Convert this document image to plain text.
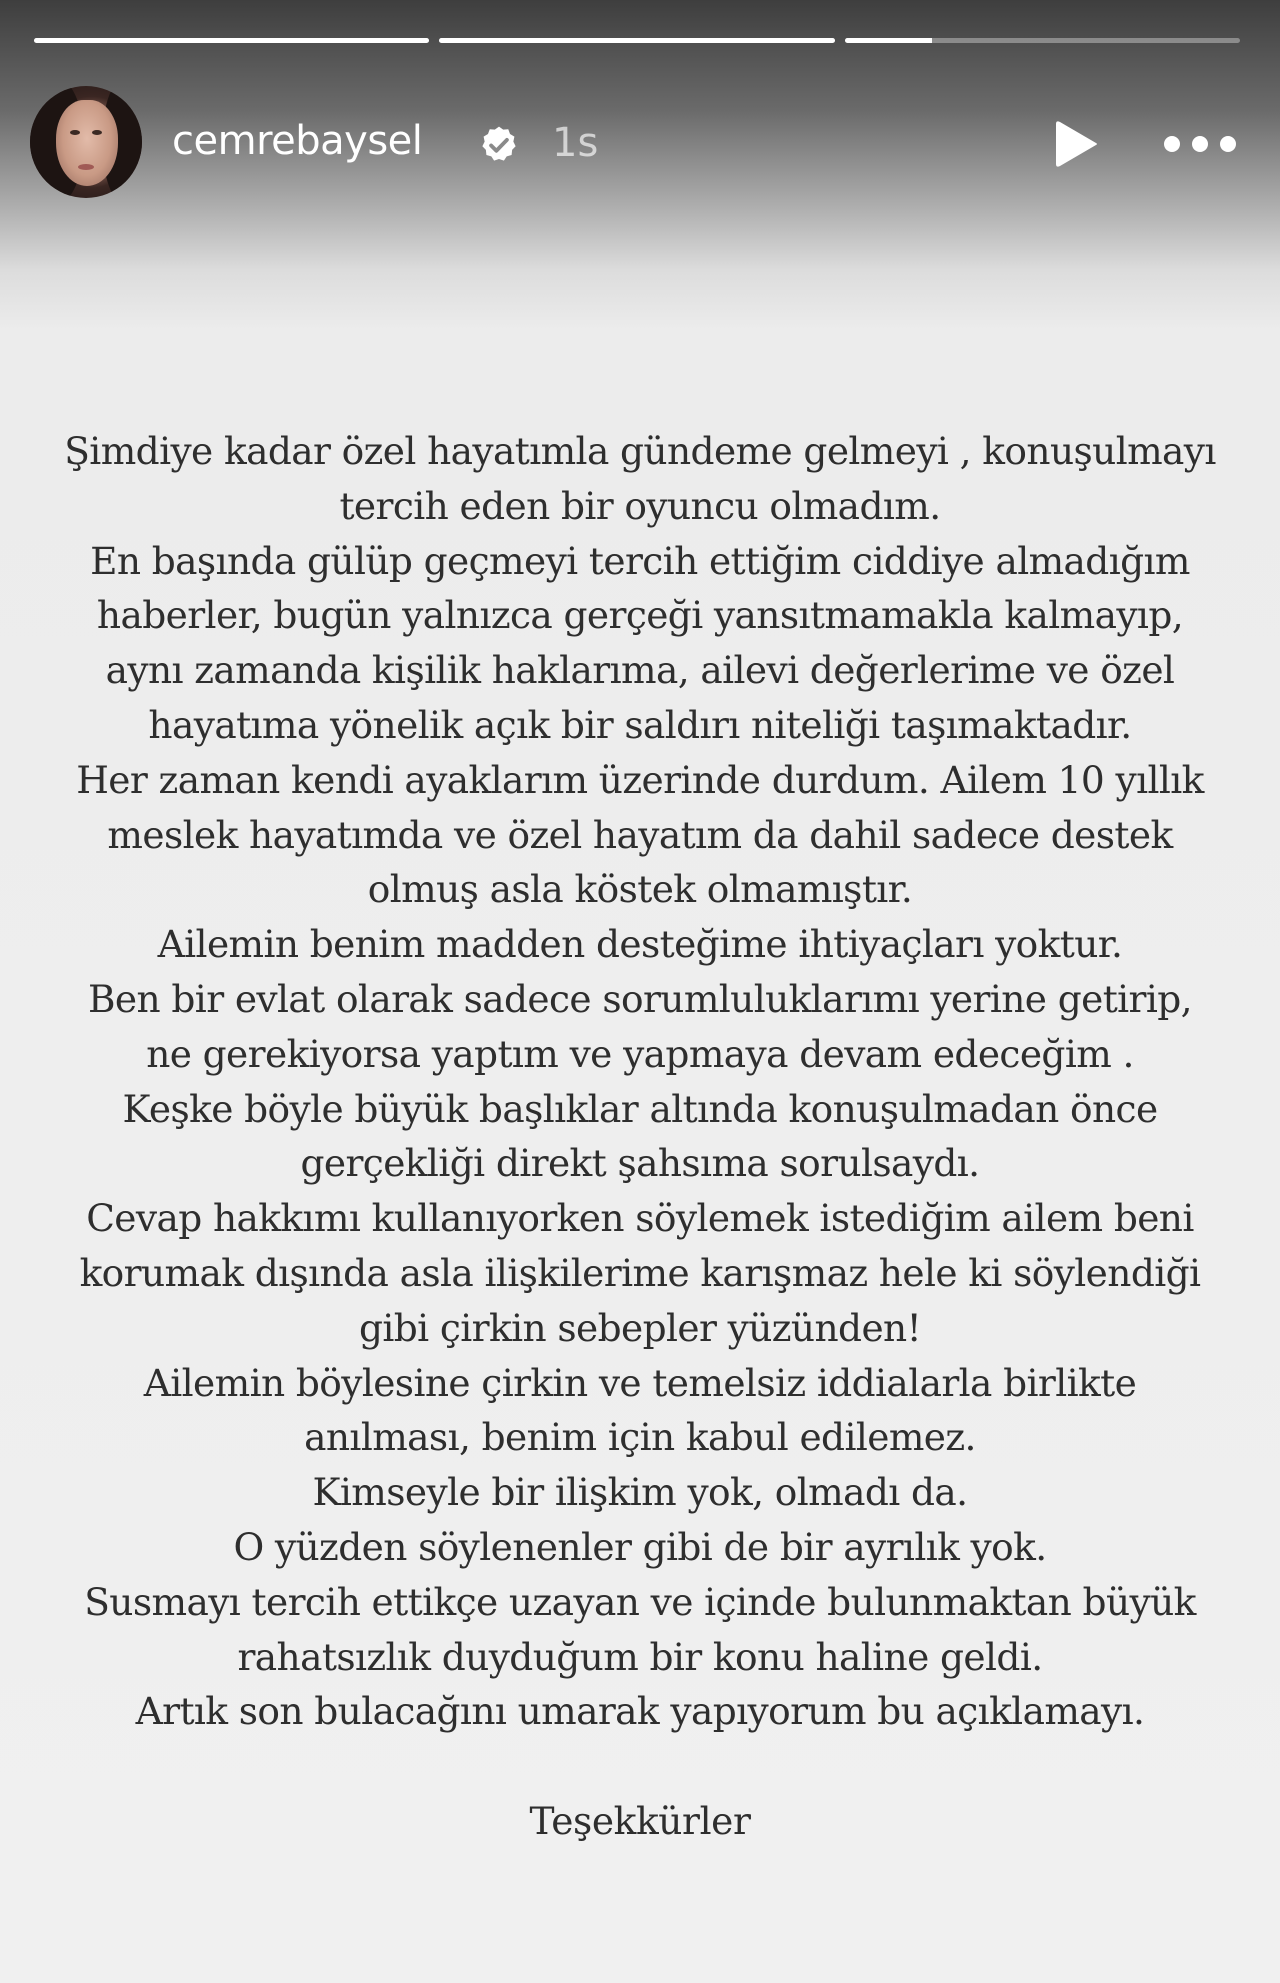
cemrebaysel	1s
Şimdiye kadar özel hayatımla gündeme gelmeyi , konuşulmayı
tercih eden bir oyuncu olmadım.
En başında gülüp geçmeyi tercih ettiğim ciddiye almadığım
haberler, bugün yalnızca gerçeği yansıtmamakla kalmayıp,
aynı zamanda kişilik haklarıma, ailevi değerlerime ve özel
hayatıma yönelik açık bir saldırı niteliği taşımaktadır.
Her zaman kendi ayaklarım üzerinde durdum. Ailem 10 yıllık
meslek hayatımda ve özel hayatım da dahil sadece destek
olmuş asla köstek olmamıştır.
Ailemin benim madden desteğime ihtiyaçları yoktur.
Ben bir evlat olarak sadece sorumluluklarımı yerine getirip,
ne gerekiyorsa yaptım ve yapmaya devam edeceğim .
Keşke böyle büyük başlıklar altında konuşulmadan önce
gerçekliği direkt şahsıma sorulsaydı.
Cevap hakkımı kullanıyorken söylemek istediğim ailem beni
korumak dışında asla ilişkilerime karışmaz hele ki söylendiği
gibi çirkin sebepler yüzünden!
Ailemin böylesine çirkin ve temelsiz iddialarla birlikte
anılması, benim için kabul edilemez.
Kimseyle bir ilişkim yok, olmadı da.
O yüzden söylenenler gibi de bir ayrılık yok.
Susmayı tercih ettikçe uzayan ve içinde bulunmaktan büyük
rahatsızlık duyduğum bir konu haline geldi.
Artık son bulacağını umarak yapıyorum bu açıklamayı.
Teşekkürler
